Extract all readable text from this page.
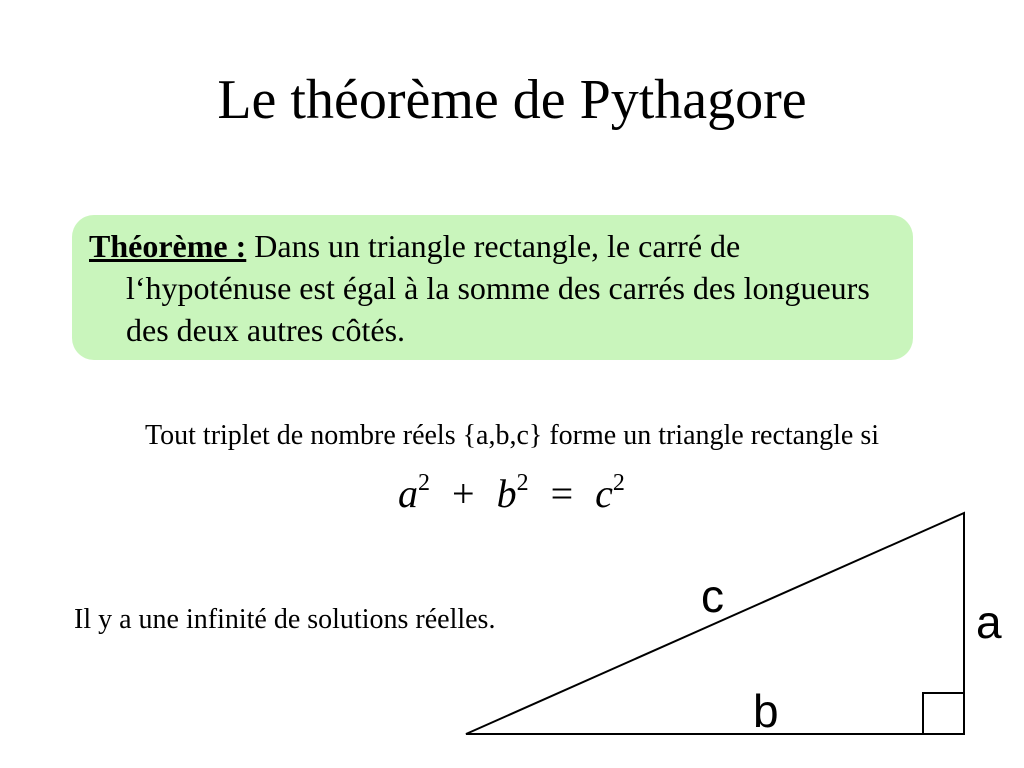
Le théorème de Pythagore
Théorème : Dans un triangle rectangle, le carré de l‘hypoténuse est égal à la somme des carrés des longueurs des deux autres côtés.
Tout triplet de nombre réels {a,b,c} forme un triangle rectangle si
$a^2 + b^2 = c^2$
Il y a une infinité de solutions réelles.	c	a
b
